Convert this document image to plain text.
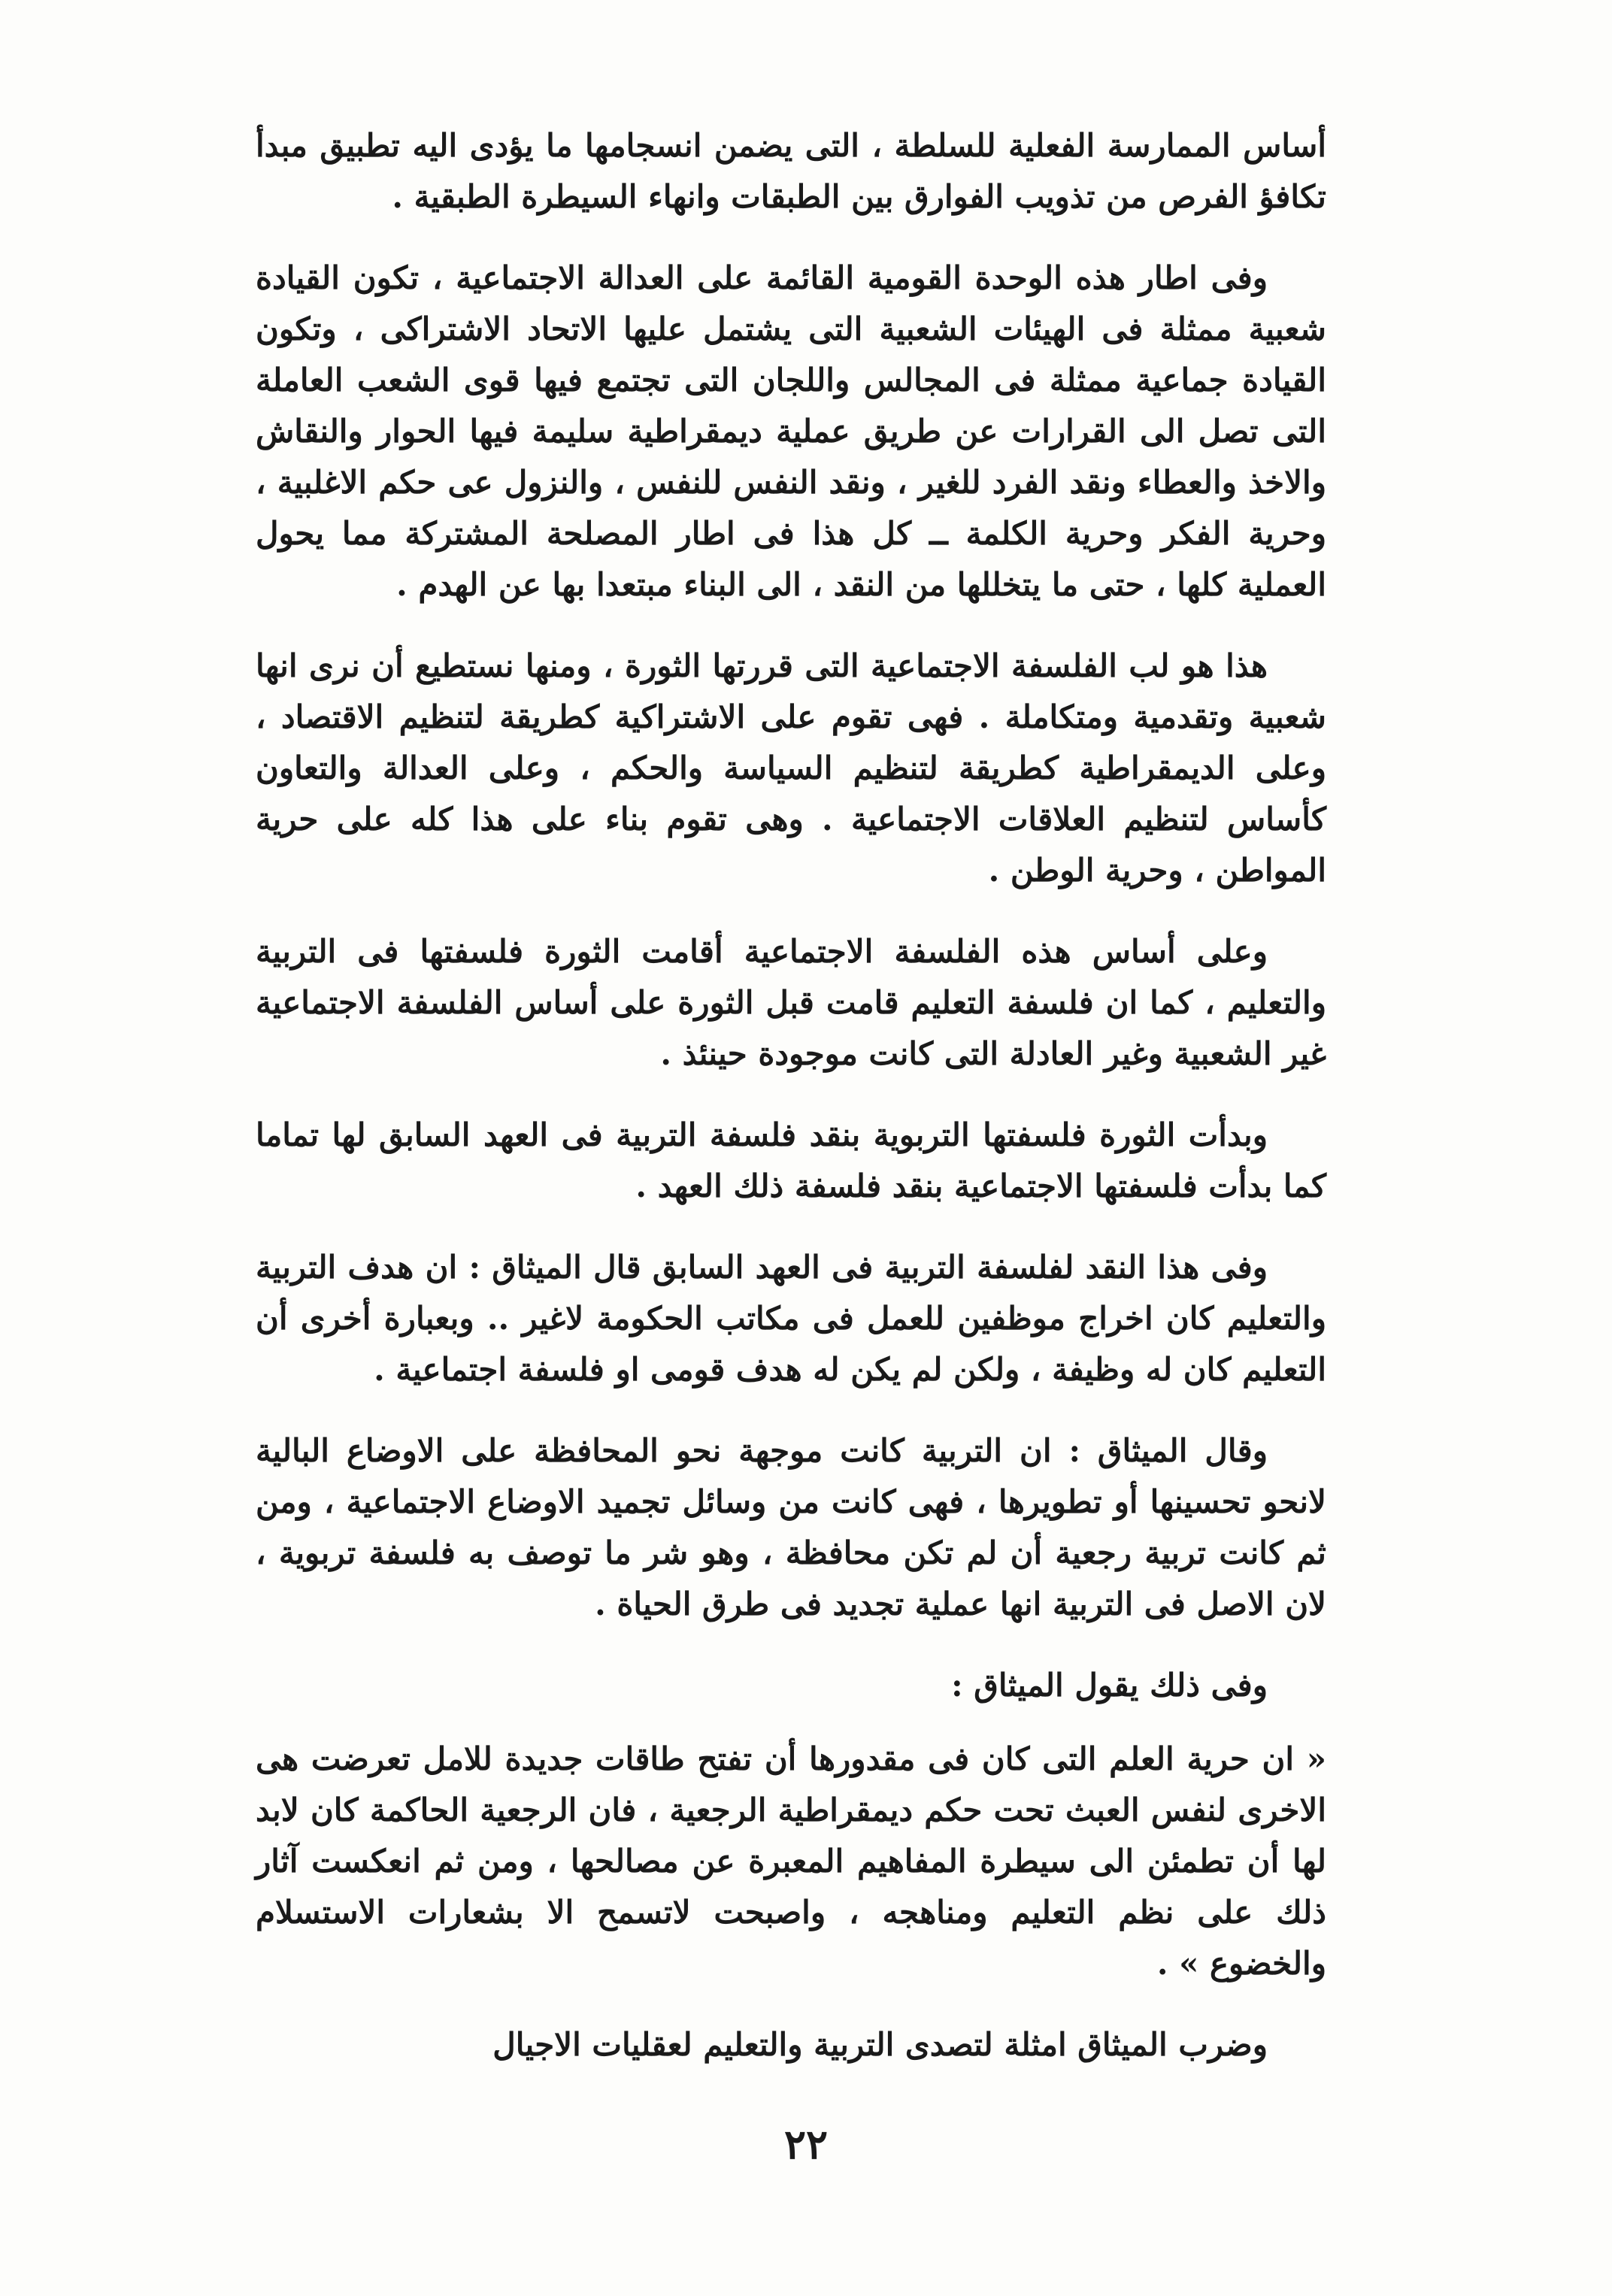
أساس الممارسة الفعلية للسلطة ، التى يضمن انسجامها ما يؤدى اليه تطبيق مبدأ تكافؤ الفرص من تذويب الفوارق بين الطبقات وانهاء السيطرة الطبقية .

وفى اطار هذه الوحدة القومية القائمة على العدالة الاجتماعية ، تكون القيادة شعبية ممثلة فى الهيئات الشعبية التى يشتمل عليها الاتحاد الاشتراكى ، وتكون القيادة جماعية ممثلة فى المجالس واللجان التى تجتمع فيها قوى الشعب العاملة التى تصل الى القرارات عن طريق عملية ديمقراطية سليمة فيها الحوار والنقاش والاخذ والعطاء ونقد الفرد للغير ، ونقد النفس للنفس ، والنزول عى حكم الاغلبية ، وحرية الفكر وحرية الكلمة ــ كل هذا فى اطار المصلحة المشتركة مما يحول العملية كلها ، حتى ما يتخللها من النقد ، الى البناء مبتعدا بها عن الهدم .

هذا هو لب الفلسفة الاجتماعية التى قررتها الثورة ، ومنها نستطيع أن نرى انها شعبية وتقدمية ومتكاملة . فهى تقوم على الاشتراكية كطريقة لتنظيم الاقتصاد ، وعلى الديمقراطية كطريقة لتنظيم السياسة والحكم ، وعلى العدالة والتعاون كأساس لتنظيم العلاقات الاجتماعية . وهى تقوم بناء على هذا كله على حرية المواطن ، وحرية الوطن .

وعلى أساس هذه الفلسفة الاجتماعية أقامت الثورة فلسفتها فى التربية والتعليم ، كما ان فلسفة التعليم قامت قبل الثورة على أساس الفلسفة الاجتماعية غير الشعبية وغير العادلة التى كانت موجودة حينئذ .

وبدأت الثورة فلسفتها التربوية بنقد فلسفة التربية فى العهد السابق لها تماما كما بدأت فلسفتها الاجتماعية بنقد فلسفة ذلك العهد .

وفى هذا النقد لفلسفة التربية فى العهد السابق قال الميثاق : ان هدف التربية والتعليم كان اخراج موظفين للعمل فى مكاتب الحكومة لاغير .. وبعبارة أخرى أن التعليم كان له وظيفة ، ولكن لم يكن له هدف قومى او فلسفة اجتماعية .

وقال الميثاق : ان التربية كانت موجهة نحو المحافظة على الاوضاع البالية لانحو تحسينها أو تطويرها ، فهى كانت من وسائل تجميد الاوضاع الاجتماعية ، ومن ثم كانت تربية رجعية أن لم تكن محافظة ، وهو شر ما توصف به فلسفة تربوية ، لان الاصل فى التربية انها عملية تجديد فى طرق الحياة .

وفى ذلك يقول الميثاق :

« ان حرية العلم التى كان فى مقدورها أن تفتح طاقات جديدة للامل تعرضت هى الاخرى لنفس العبث تحت حكم ديمقراطية الرجعية ، فان الرجعية الحاكمة كان لابد لها أن تطمئن الى سيطرة المفاهيم المعبرة عن مصالحها ، ومن ثم انعكست آثار ذلك على نظم التعليم ومناهجه ، واصبحت لاتسمح الا بشعارات الاستسلام والخضوع » .

وضرب الميثاق امثلة لتصدى التربية والتعليم لعقليات الاجيال

٢٢
